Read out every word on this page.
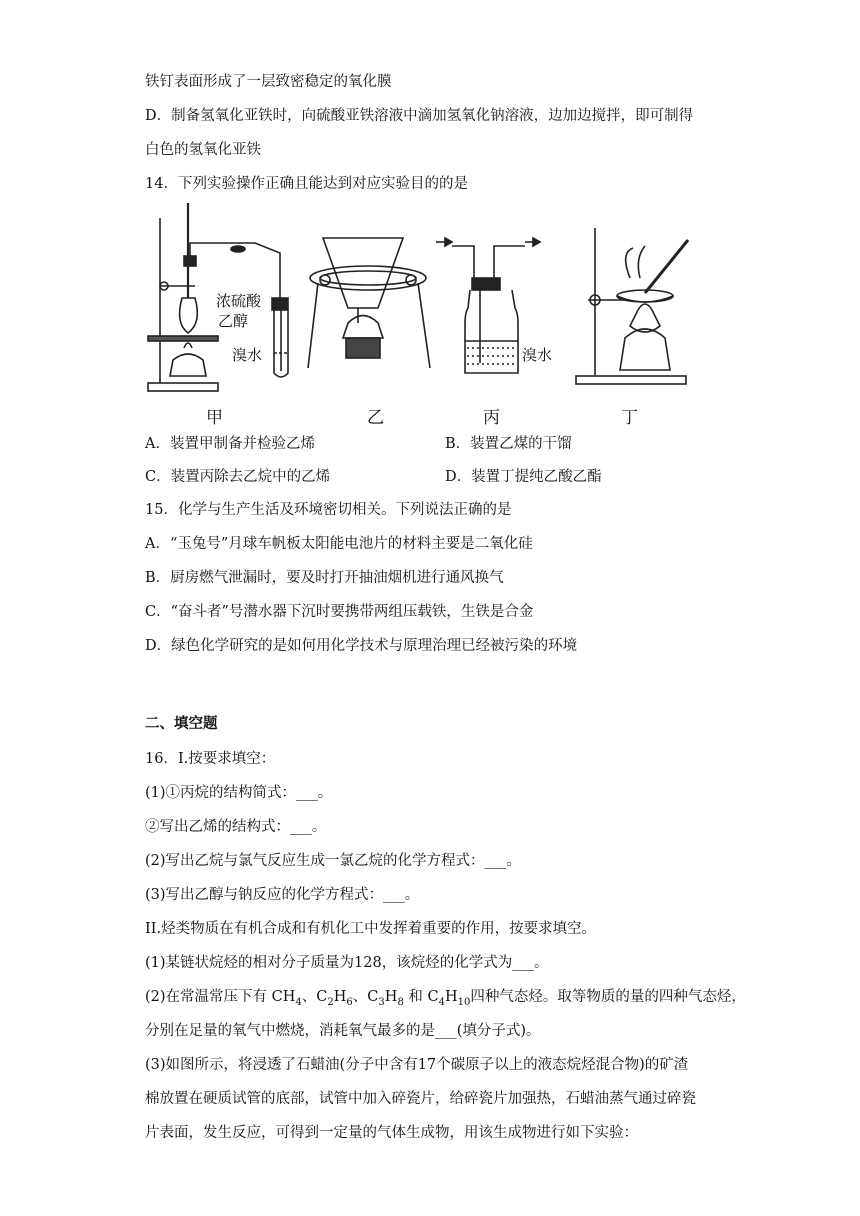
铁钉表面形成了一层致密稳定的氧化膜
D．制备氢氧化亚铁时，向硫酸亚铁溶液中滴加氢氧化钠溶液，边加边搅拌，即可制得
白色的氢氧化亚铁
14．下列实验操作正确且能达到对应实验目的的是
浓硫酸
乙醇
溴水	溴水
甲	乙	丙	丁
A．装置甲制备并检验乙烯	B．装置乙煤的干馏
C．装置丙除去乙烷中的乙烯	D．装置丁提纯乙酸乙酯
15．化学与生产生活及环境密切相关。下列说法正确的是
A．“玉兔号”月球车帆板太阳能电池片的材料主要是二氧化硅
B．厨房燃气泄漏时，要及时打开抽油烟机进行通风换气
C．“奋斗者”号潜水器下沉时要携带两组压载铁，生铁是合金
D．绿色化学研究的是如何用化学技术与原理治理已经被污染的环境
二、填空题
16．I.按要求填空：
(1)①丙烷的结构简式：___。
②写出乙烯的结构式：___。
(2)写出乙烷与氯气反应生成一氯乙烷的化学方程式：___。
(3)写出乙醇与钠反应的化学方程式：___。
II.烃类物质在有机合成和有机化工中发挥着重要的作用，按要求填空。
(1)某链状烷烃的相对分子质量为128，该烷烃的化学式为___。
(2)在常温常压下有 $CH_4$、$C_2H_6$、$C_3H_8$ 和 $C_4H_{10}$四种气态烃。取等物质的量的四种气态烃，
分别在足量的氧气中燃烧，消耗氧气最多的是___(填分子式)。
(3)如图所示，将浸透了石蜡油(分子中含有17个碳原子以上的液态烷烃混合物)的矿渣
棉放置在硬质试管的底部，试管中加入碎瓷片，给碎瓷片加强热，石蜡油蒸气通过碎瓷
片表面，发生反应，可得到一定量的气体生成物，用该生成物进行如下实验：
